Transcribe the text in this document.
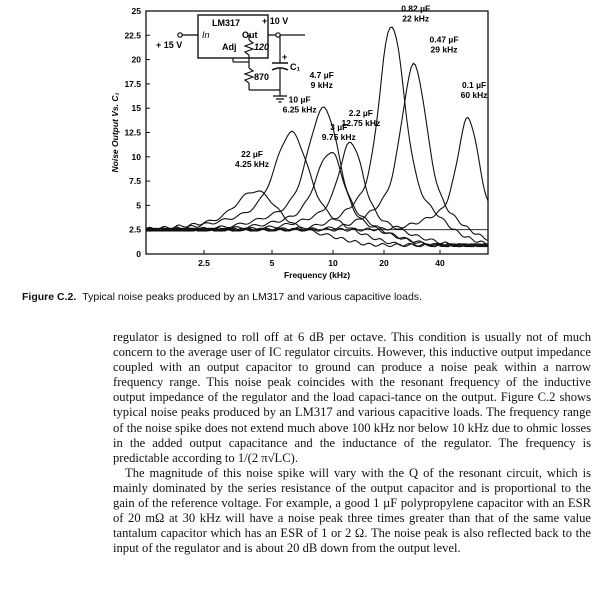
0
2.5
5
7.5
10
12.5
15
17.5
20
22.5
25
2.5	5	10	20	40
Frequency (kHz)
Noise Output Vs. C₁	22 µF
4.25 kHz
10 µF
6.25 kHz
4.7 µF
9 kHz
3 µF
9.75 kHz
2.2 µF
12.75 kHz
0.82 µF
22 kHz
0.47 µF
29 kHz
0.1 µF
60 kHz
LM317
In	Out
Adj
+ 15 V
+ 10 V
120
870
+
C₁
Figure C.2. Typical noise peaks produced by an LM317 and various capacitive loads.

regulator is designed to roll off at 6 dB per octave. This condition is usually not of much concern to the average user of IC regulator circuits. However, this inductive output impedance coupled with an output capacitor to ground can produce a noise peak within a narrow frequency range. This noise peak coincides with the resonant frequency of the inductive output impedance of the regulator and the load capaci-tance on the output. Figure C.2 shows typical noise peaks produced by an LM317 and various capacitive loads. The frequency range of the noise spike does not extend much above 100 kHz nor below 10 kHz due to ohmic losses in the added output capacitance and the inductance of the regulator. The frequency is predictable according to 1/(2 π√LC).

The magnitude of this noise spike will vary with the Q of the resonant circuit, which is mainly dominated by the series resistance of the output capacitor and is proportional to the gain of the reference voltage. For example, a good 1 µF polypropylene capacitor with an ESR of 20 mΩ at 30 kHz will have a noise peak three times greater than that of the same value tantalum capacitor which has an ESR of 1 or 2 Ω. The noise peak is also reflected back to the input of the regulator and is about 20 dB down from the output level.
